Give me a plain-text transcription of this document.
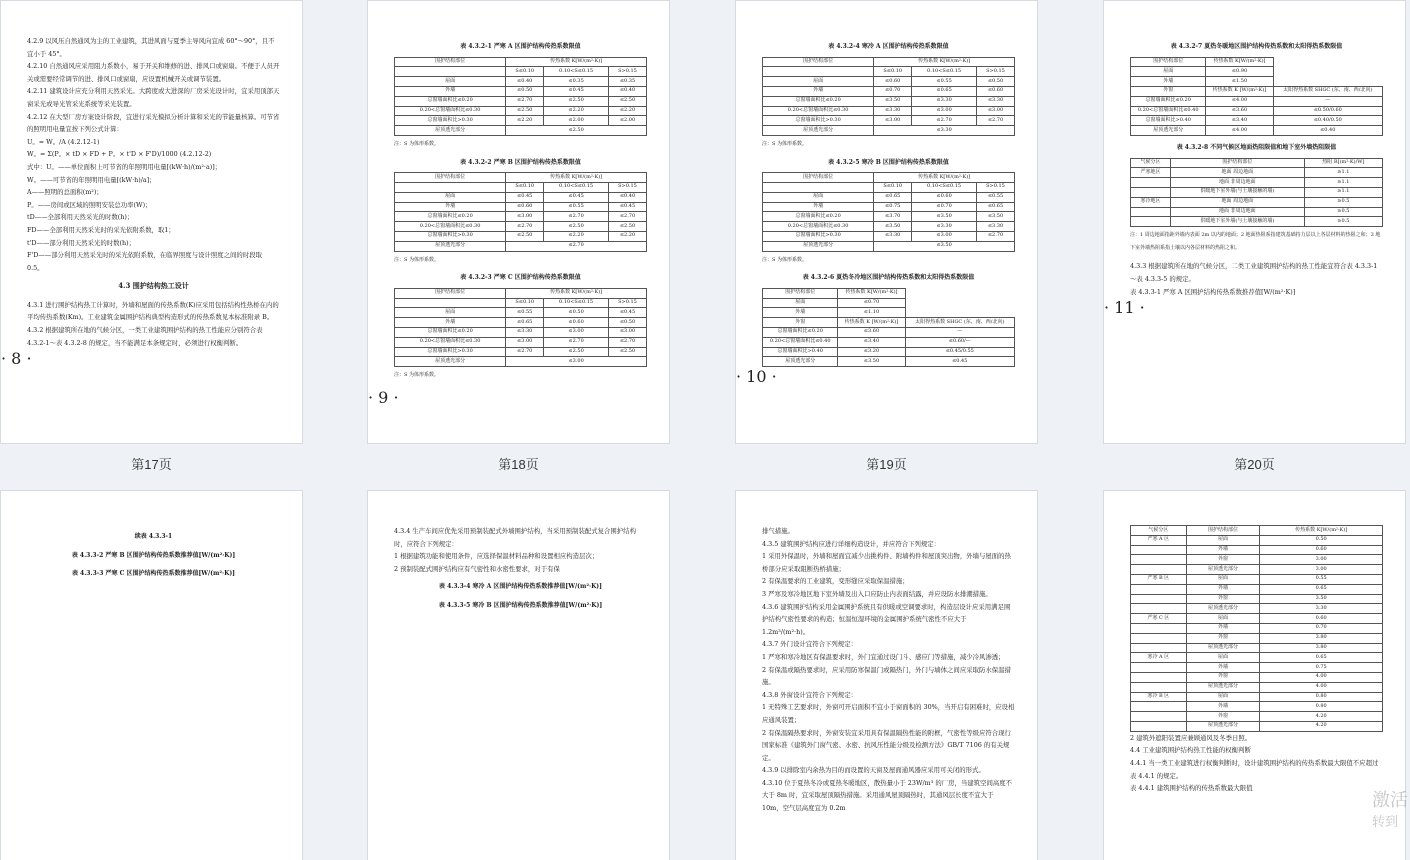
4.2.9 以风压自然通风为主的工业建筑，其进风面与夏季主导风向宜成 60°～90°，且不宜小于 45°。

4.2.10 自然通风应采用阻力系数小，易于开关和维修的进、排风口或窗扇。不便于人员开关或需要经常调节的进、排风口或窗扇，应设置机械开关或调节装置。

4.2.11 建筑设计应充分利用天然采光。大跨度或大进深的厂房采光设计时，宜采用顶部天窗采光或导光管采光系统等采光装置。

4.2.12 在大型厂房方案设计阶段，宜进行采光模拟分析计算和采光的节能量核算。可节省的照明用电量宜按下列公式计算：

U。= W。/A (4.2.12-1)

W。= Σ(P。× tD × FD + P。× t'D × F'D)/1000 (4.2.12-2)

式中：U。——单位面积上可节省的年照明用电量[(kW·h)/(m²·a)]；

W。——可节省的年照明用电量[(kW·h)/a]；

A——照明的总面积(m²)；

P。——房间或区域的照明安装总功率(W)；

tD——全部利用天然采光的时数(h)；

FD——全部利用天然采光时的采光依附系数，取1；

t'D——部分利用天然采光的时数(h)；

F'D——部分利用天然采光时的采光依附系数，在临界照度与设计照度之间的时段取 0.5。

4.3 围护结构热工设计

4.3.1 进行围护结构热工计算时，外墙和屋面的传热系数(K)应采用包括结构性热桥在内的平均传热系数(Km)。工业建筑金属围护结构典型构造形式的传热系数见本标准附录 B。

4.3.2 根据建筑所在地的气候分区，一类工业建筑围护结构的热工性能应分别符合表 4.3.2-1～表 4.3.2-8 的规定，当不能满足本条规定时，必须进行权衡判断。

· 8 ·
表 4.3.2-1 严寒 A 区围护结构传热系数限值
围护结构部位	传热系数 K[W/(m²·K)]		
	S≤0.10	0.10<S≤0.15	S>0.15
屋面	≤0.40	≤0.35	≤0.35
外墙	≤0.50	≤0.45	≤0.40
总窗墙面积比≤0.20	≤2.70	≤2.50	≤2.50
0.20<总窗墙面积比≤0.30	≤2.50	≤2.20	≤2.20
总窗墙面积比>0.30	≤2.20	≤2.00	≤2.00
屋顶透光部分	≤2.50		
注：S 为体形系数。
表 4.3.2-2 严寒 B 区围护结构传热系数限值
围护结构部位	传热系数 K[W/(m²·K)]		
	S≤0.10	0.10<S≤0.15	S>0.15
屋面	≤0.45	≤0.45	≤0.40
外墙	≤0.60	≤0.55	≤0.45
总窗墙面积比≤0.20	≤3.00	≤2.70	≤2.70
0.20<总窗墙面积比≤0.30	≤2.70	≤2.50	≤2.50
总窗墙面积比>0.30	≤2.50	≤2.20	≤2.20
屋顶透光部分	≤2.70		
注：S 为体形系数。
表 4.3.2-3 严寒 C 区围护结构传热系数限值
围护结构部位	传热系数 K[W/(m²·K)]		
	S≤0.10	0.10<S≤0.15	S>0.15
屋面	≤0.55	≤0.50	≤0.45
外墙	≤0.65	≤0.60	≤0.50
总窗墙面积比≤0.20	≤3.30	≤3.00	≤3.00
0.20<总窗墙面积比≤0.30	≤3.00	≤2.70	≤2.70
总窗墙面积比>0.30	≤2.70	≤2.50	≤2.50
屋顶透光部分	≤3.00		
注：S 为体形系数。
· 9 ·
表 4.3.2-4 寒冷 A 区围护结构传热系数限值
围护结构部位	传热系数 K[W/(m²·K)]		
	S≤0.10	0.10<S≤0.15	S>0.15
屋面	≤0.60	≤0.55	≤0.50
外墙	≤0.70	≤0.65	≤0.60
总窗墙面积比≤0.20	≤3.50	≤3.30	≤3.30
0.20<总窗墙面积比≤0.30	≤3.30	≤3.00	≤3.00
总窗墙面积比>0.30	≤3.00	≤2.70	≤2.70
屋顶透光部分	≤3.30		
注：S 为体形系数。
表 4.3.2-5 寒冷 B 区围护结构传热系数限值
围护结构部位	传热系数 K[W/(m²·K)]		
	S≤0.10	0.10<S≤0.15	S>0.15
屋面	≤0.65	≤0.60	≤0.55
外墙	≤0.75	≤0.70	≤0.65
总窗墙面积比≤0.20	≤3.70	≤3.50	≤3.50
0.20<总窗墙面积比≤0.30	≤3.50	≤3.30	≤3.30
总窗墙面积比>0.30	≤3.30	≤3.00	≤2.70
屋顶透光部分	≤3.50		
注：S 为体形系数。
表 4.3.2-6 夏热冬冷地区围护结构传热系数和太阳得热系数限值
围护结构部位	传热系数 K[W/(m²·K)]	
屋面	≤0.70	
外墙	≤1.10	
外窗	传热系数 K [W/(m²·K)]	太阳得热系数 SHGC (东、南、西/北向)
总窗墙面积比≤0.20	≤3.60	—
0.20<总窗墙面积比≤0.40	≤3.40	≤0.60/—
总窗墙面积比>0.40	≤3.20	≤0.45/0.55
屋顶透光部分	≤3.50	≤0.45
· 10 ·
表 4.3.2-7 夏热冬暖地区围护结构传热系数和太阳得热系数限值
围护结构部位	传热系数 K[W/(m²·K)]	
屋面	≤0.90	
外墙	≤1.50	
外窗	传热系数 K [W/(m²·K)]	太阳得热系数 SHGC (东、南、西/北向)
总窗墙面积比≤0.20	≤4.00	—
0.20<总窗墙面积比≤0.40	≤3.60	≤0.50/0.60
总窗墙面积比>0.40	≤3.40	≤0.40/0.50
屋顶透光部分	≤4.00	≤0.40
表 4.3.2-8 不同气候区地面热阻限值和地下室外墙热阻限值
气候分区	围护结构部位	热阻 R[(m²·K)/W]
严寒地区	地面 周边地面	≥1.1
	地面 非周边地面	≥1.1
	供暖地下室外墙(与土壤接触的墙)	≥1.1
寒冷地区	地面 周边地面	≥0.5
	地面 非周边地面	≥0.5
	供暖地下室外墙(与土壤接触的墙)	≥0.5
注：1 周边地面指距外墙内表面 2m 以内的地面；2 地面热阻系指建筑基础持力层以上各层材料的热阻之和；3 地下室外墙热阻系指土壤以内各层材料的热阻之和。

4.3.3 根据建筑所在地的气候分区，二类工业建筑围护结构的热工性能宜符合表 4.3.3-1～表 4.3.3-5 的规定。

表 4.3.3-1 严寒 A 区围护结构传热系数推荐值[W/(m²·K)]

· 11 ·
第17页	第18页	第19页	第20页
续表 4.3.3-1
表 4.3.3-2 严寒 B 区围护结构传热系数推荐值[W/(m²·K)]
表 4.3.3-3 严寒 C 区围护结构传热系数推荐值[W/(m²·K)]

4.3.4 生产车间应优先采用预制装配式外墙围护结构，当采用预制装配式复合围护结构时，应符合下列规定：

1 根据建筑功能和使用条件，应选择保温材料品种和设置相应构造层次；

2 预制装配式围护结构应有气密性和水密性要求，对于有保

表 4.3.3-4 寒冷 A 区围护结构传热系数推荐值[W/(m²·K)]
表 4.3.3-5 寒冷 B 区围护结构传热系数推荐值[W/(m²·K)]

排气措施。

4.3.5 建筑围护结构应进行详细构造设计，并应符合下列规定：

1 采用外保温时，外墙和屋面宜减少出挑构件、附墙构件和屋顶突出物，外墙与屋面的热桥部分应采取阻断热桥措施；

2 有保温要求的工业建筑，变形缝应采取保温措施；

3 严寒及寒冷地区地下室外墙及出入口应防止内表面结露，并应设防水排潮措施。

4.3.6 建筑围护结构采用金属围护系统且有供暖或空调要求时，构造层设计应采用满足围护结构气密性要求的构造；恒温恒湿环境的金属围护系统气密性不应大于 1.2m³/(m²·h)。

4.3.7 外门设计宜符合下列规定：

1 严寒和寒冷地区有保温要求时，外门宜通过设门斗、感应门等措施，减少冷风渗透；

2 有保温或隔热要求时，应采用防寒保温门或隔热门，外门与墙体之间应采取防水保温措施。

4.3.8 外窗设计宜符合下列规定：

1 无特殊工艺要求时，外窗可开启面积不宜小于窗面积的 30%，当开启有困难时，应设相应通风装置；

2 有保温隔热要求时，外窗安装宜采用具有保温隔热性能的附框，气密性等级应符合现行国家标准《建筑外门窗气密、水密、抗风压性能分级及检测方法》GB/T 7106 的有关规定。

4.3.9 以排除室内余热为目的而设置的天窗及屋面通风器应采用可关闭的形式。

4.3.10 位于夏热冬冷或夏热冬暖地区，散热量小于 23W/m³ 的厂房，当建筑空间高度不大于 8m 时，宜采取屋顶隔热措施。采用通风屋顶隔热时，其通风层长度不宜大于 10m，空气层高度宜为 0.2m

气候分区	围护结构部位	传热系数 K[W/(m²·K)]
严寒 A 区	屋面	0.50
	外墙	0.60
	外窗	3.00
	屋顶透光部分	3.00
严寒 B 区	屋面	0.55
	外墙	0.65
	外窗	3.50
	屋顶透光部分	3.30
严寒 C 区	屋面	0.60
	外墙	0.70
	外窗	3.80
	屋顶透光部分	3.80
寒冷 A 区	屋面	0.65
	外墙	0.75
	外窗	4.00
	屋顶透光部分	4.00
寒冷 B 区	屋面	0.80
	外墙	0.80
	外窗	4.20
	屋顶透光部分	4.20

2 建筑外遮阳装置应兼顾通风及冬季日照。

4.4 工业建筑围护结构热工性能的权衡判断

4.4.1 当一类工业建筑进行权衡判断时，设计建筑围护结构的传热系数最大限值不应超过表 4.4.1 的规定。

表 4.4.1 建筑围护结构的传热系数最大限值

激活
转到
